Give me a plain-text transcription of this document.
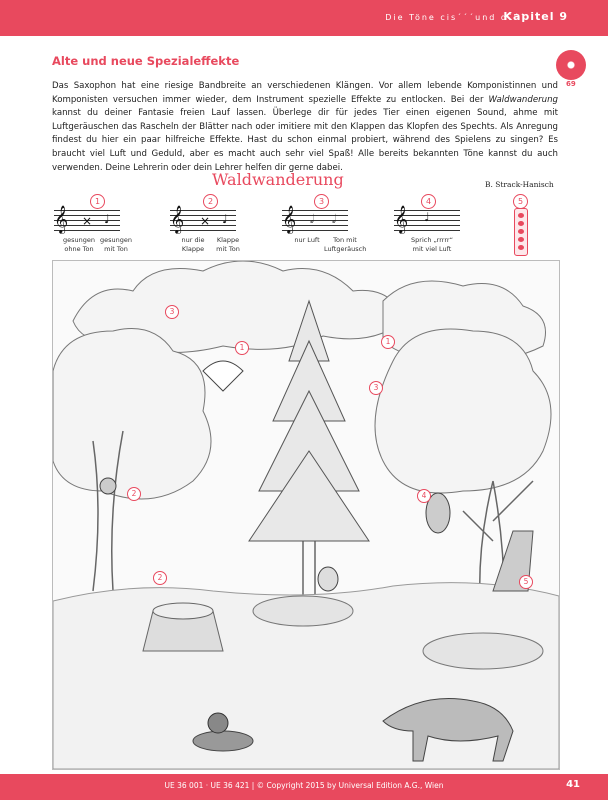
Die Töne cis´´´und d´´´
Kapitel 9
69
Alte und neue Spezialeffekte

Das Saxophon hat eine riesige Bandbreite an verschiedenen Klängen. Vor allem lebende Komponistinnen und Komponisten versuchen immer wieder, dem Instrument spezielle Effekte zu entlocken. Bei der Waldwanderung kannst du deiner Fantasie freien Lauf lassen. Überlege dir für jedes Tier einen eigenen Sound, ahme mit Luftgeräuschen das Rascheln der Blätter nach oder imitiere mit den Klappen das Klopfen des Spechts. Als Anregung findest du hier ein paar hilfreiche Effekte. Hast du schon einmal probiert, während des Spielens zu singen? Es braucht viel Luft und Geduld, aber es macht auch sehr viel Spaß! Alle bereits bekannten Töne kannst du auch verwenden. Deine Lehrerin oder dein Lehrer helfen dir gerne dabei.

Waldwanderung	B. Strack-Hanisch
1	2	3	4	5
𝄞 × ♩
gesungen
ohne Ton
gesungen
mit Ton
𝄞 × ♩
nur die
Klappe
Klappe
mit Ton
𝄞 𝅗𝅥 𝅗𝅥
nur Luft	Ton mit
Luftgeräusch
𝄞 ♩
Sprich „rrrrr“
mit viel Luft
3
1
1
3
2	4
2	5
UE 36 001 · UE 36 421 | © Copyright 2015 by Universal Edition A.G., Wien	41
